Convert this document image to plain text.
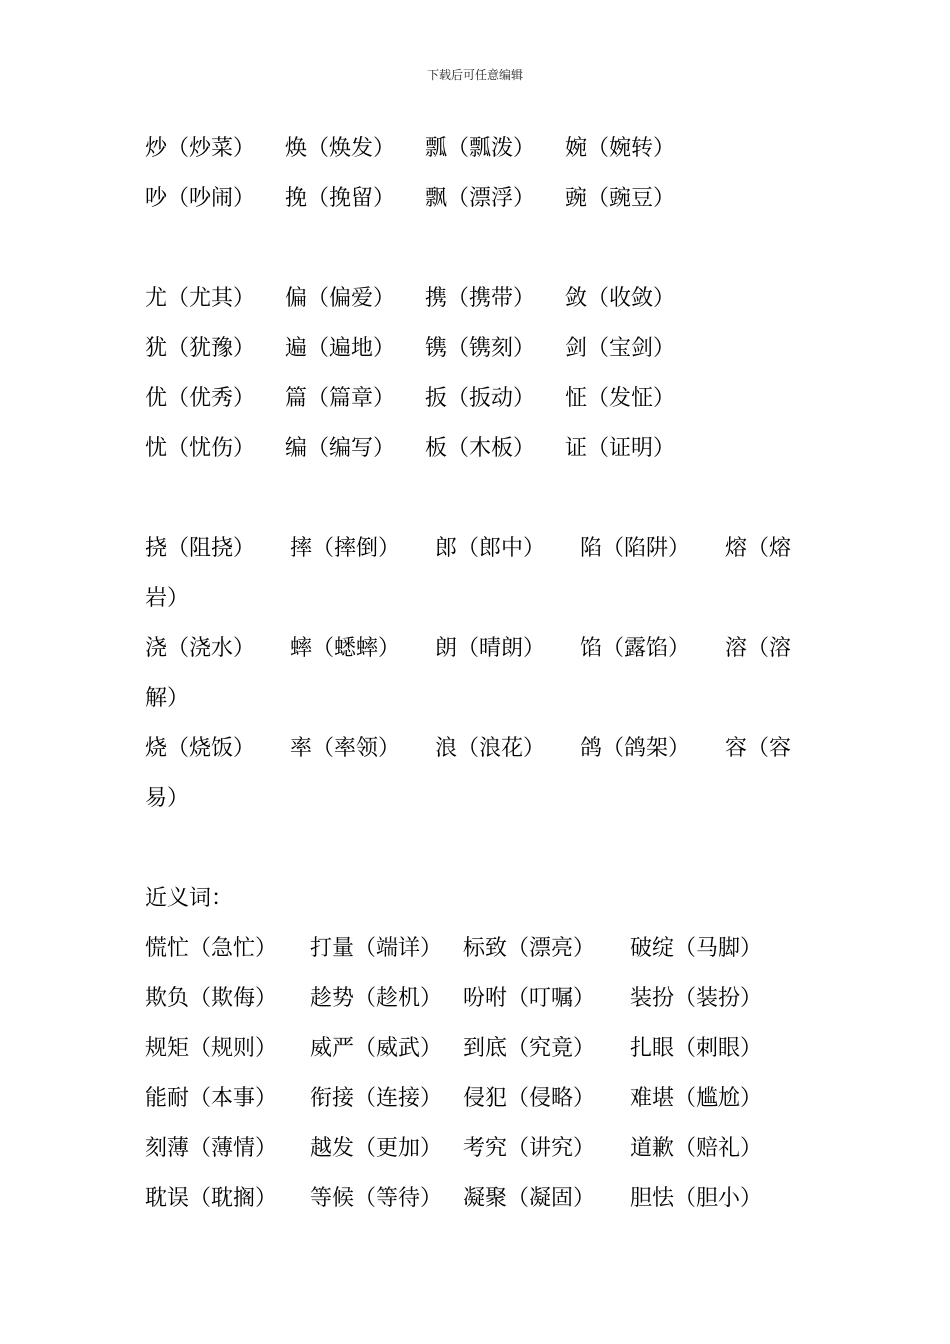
下载后可任意编辑
炒（炒菜） 焕（焕发） 瓢（瓢泼） 婉（婉转）
吵（吵闹） 挽（挽留） 飘（漂浮） 豌（豌豆）
尤（尤其） 偏（偏爱） 携（携带） 敛（收敛）
犹（犹豫） 遍（遍地） 镌（镌刻） 剑（宝剑）
优（优秀） 篇（篇章） 扳（扳动） 怔（发怔）
忧（忧伤） 编（编写） 板（木板） 证（证明）
挠（阻挠） 摔（摔倒） 郎（郎中） 陷（陷阱） 熔（熔
岩）
浇（浇水） 蟀（蟋蟀） 朗（晴朗） 馅（露馅） 溶（溶
解）
烧（烧饭） 率（率领） 浪（浪花） 鸽（鸽架） 容（容
易）
近义词：
慌忙（急忙） 打量（端详） 标致（漂亮） 破绽（马脚）
欺负（欺侮） 趁势（趁机） 吩咐（叮嘱） 装扮（装扮）
规矩（规则） 威严（威武） 到底（究竟） 扎眼（刺眼）
能耐（本事） 衔接（连接） 侵犯（侵略） 难堪（尴尬）
刻薄（薄情） 越发（更加） 考究（讲究） 道歉（赔礼）
耽误（耽搁） 等候（等待） 凝聚（凝固） 胆怯（胆小）
